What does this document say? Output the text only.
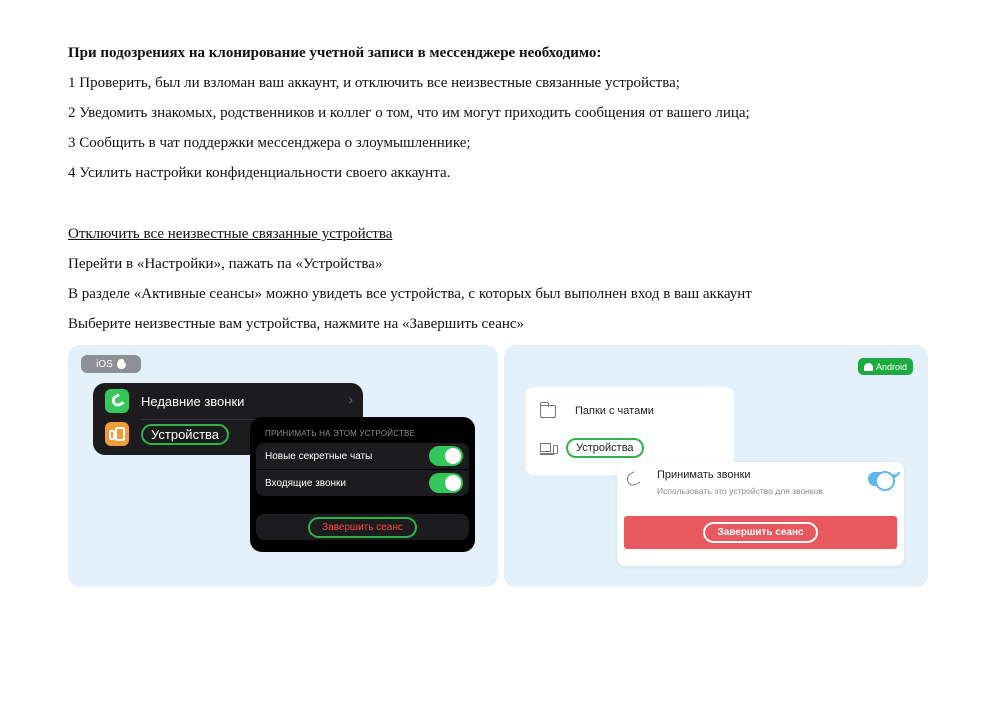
При подозрениях на клонирование учетной записи в мессенджере необходимо:
1 Проверить, был ли взломан ваш аккаунт, и отключить все неизвестные связанные устройства;
2 Уведомить знакомых, родственников и коллег о том, что им могут приходить сообщения от вашего лица;
3 Сообщить в чат поддержки мессенджера о злоумышленнике;
4 Усилить настройки конфиденциальности своего аккаунта.
Отключить все неизвестные связанные устройства
Перейти в «Настройки», пажать па «Устройства»
В разделе «Активные сеансы» можно увидеть все устройства, с которых был выполнен вход в ваш аккаунт
Выберите неизвестные вам устройства, нажмите на «Завершить сеанс»
iOS
Недавние звонки	›
Устройства	ПРИНИМАТЬ НА ЭТОМ УСТРОЙСТВЕ
Новые секретные чаты
Входящие звонки
Завершить сеанс
Android
Папки с чатами
Устройства
Принимать звонки
Использовать это устройство для звонков
Завершить сеанс
